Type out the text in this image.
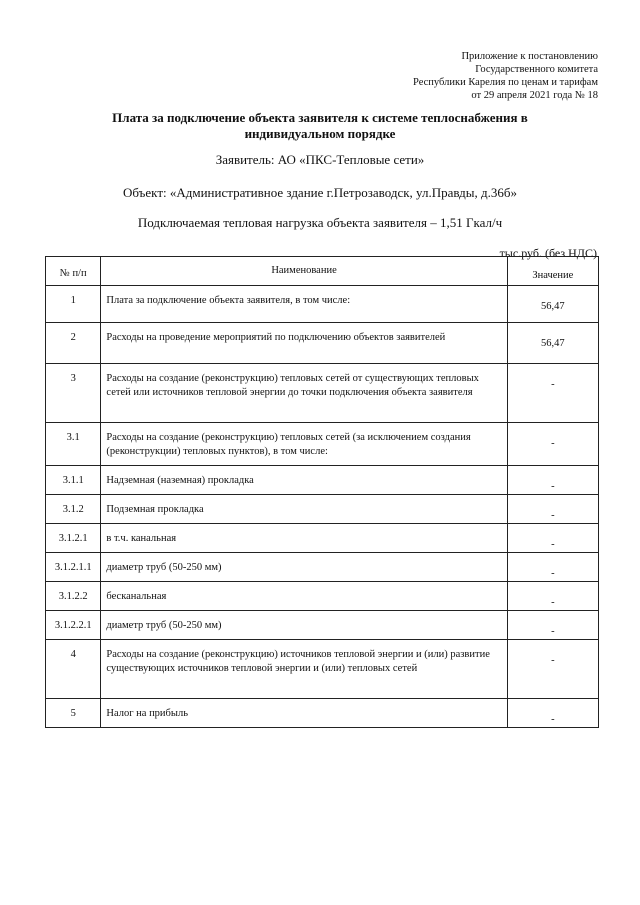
Приложение к постановлению
Государственного комитета
Республики Карелия по ценам и тарифам
от 29 апреля 2021 года № 18
Плата за подключение объекта заявителя к системе теплоснабжения в
индивидуальном порядке
Заявитель: АО «ПКС-Тепловые сети»
Объект: «Административное здание г.Петрозаводск, ул.Правды, д.36б»
Подключаемая тепловая нагрузка объекта заявителя – 1,51 Гкал/ч
тыс.руб. (без НДС)
№ п/п	Наименование	Значение
1	Плата за подключение объекта заявителя, в том числе:	56,47
2	Расходы на проведение мероприятий по подключению объектов заявителей	56,47
3	Расходы на создание (реконструкцию) тепловых сетей от существующих тепловых сетей или источников тепловой энергии до точки подключения объекта заявителя	-
3.1	Расходы на создание (реконструкцию) тепловых сетей (за исключением создания (реконструкции) тепловых пунктов), в том числе:	-
3.1.1	Надземная (наземная) прокладка	-
3.1.2	Подземная прокладка	-
3.1.2.1	в т.ч. канальная	-
3.1.2.1.1	диаметр труб (50-250 мм)	-
3.1.2.2	бесканальная	-
3.1.2.2.1	диаметр труб (50-250 мм)	-
4	Расходы на создание (реконструкцию) источников тепловой энергии и (или) развитие существующих источников тепловой энергии и (или) тепловых сетей	-
5	Налог на прибыль	-
